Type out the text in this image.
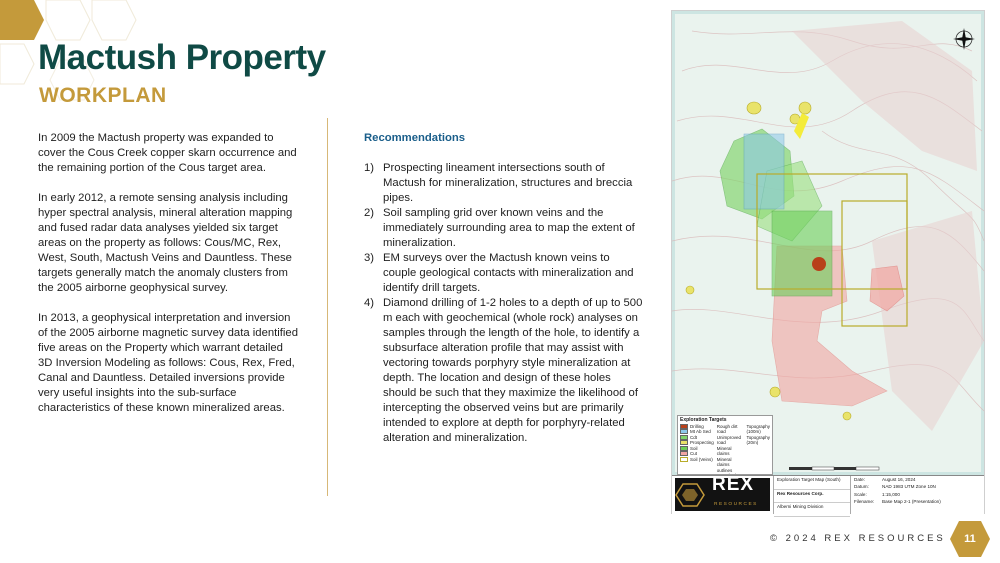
Mactush Property
WORKPLAN

In 2009 the Mactush property was expanded to cover the Cous Creek copper skarn occurrence and the remaining portion of the Cous target area.

In early 2012, a remote sensing analysis including hyper spectral analysis, mineral alteration mapping and fused radar data analyses yielded six target areas on the property as follows: Cous/MC, Rex, West, South, Mactush Veins and Dauntless. These targets generally match the anomaly clusters from the 2005 airborne geophysical survey.

In 2013, a geophysical interpretation and inversion of the 2005 airborne magnetic survey data identified five areas on the Property which warrant detailed 3D Inversion Modeling as follows: Cous, Rex, Fred, Canal and Dauntless. Detailed inversions provide very useful insights into the sub-surface characteristics of these known mineralized areas.

Recommendations

1) Prospecting lineament intersections south of Mactush for mineralization, structures and breccia pipes.
2) Soil sampling grid over known veins and the immediately surrounding area to map the extent of mineralization.
3) EM surveys over the Mactush known veins to couple geological contacts with mineralization and identify drill targets.
4) Diamond drilling of 1-2 holes to a depth of up to 500 m each with geochemical (whole rock) analyses on samples through the length of the hole, to identify a subsurface alteration profile that may assist with vectoring towards porphyry style mineralization at depth. The location and design of these holes should be such that they maximize the likelihood of intercepting the observed veins but are primarily intended to explore at depth for porphyry-related alteration and mineralization.
Exploration Targets
Drilling
Mt Ab Sed
Cdt
Prospecting
Soil
Cut
Soil (Veins)
Rough dirt road
Unimproved road
Mineral claims
Mineral claims outlines
Topography (100m)
Topography (20m)
REX
RESOURCES
Exploration Target Map (South)
Rex Resources Corp.
Alberni Mining Division
Date:	August 16, 2024
Datum:	NAD 1983 UTM Zone 10N
Scale:	1:15,000
Filename:	Base Map 2-1 (Presentation)
© 2024 REX RESOURCES	11
